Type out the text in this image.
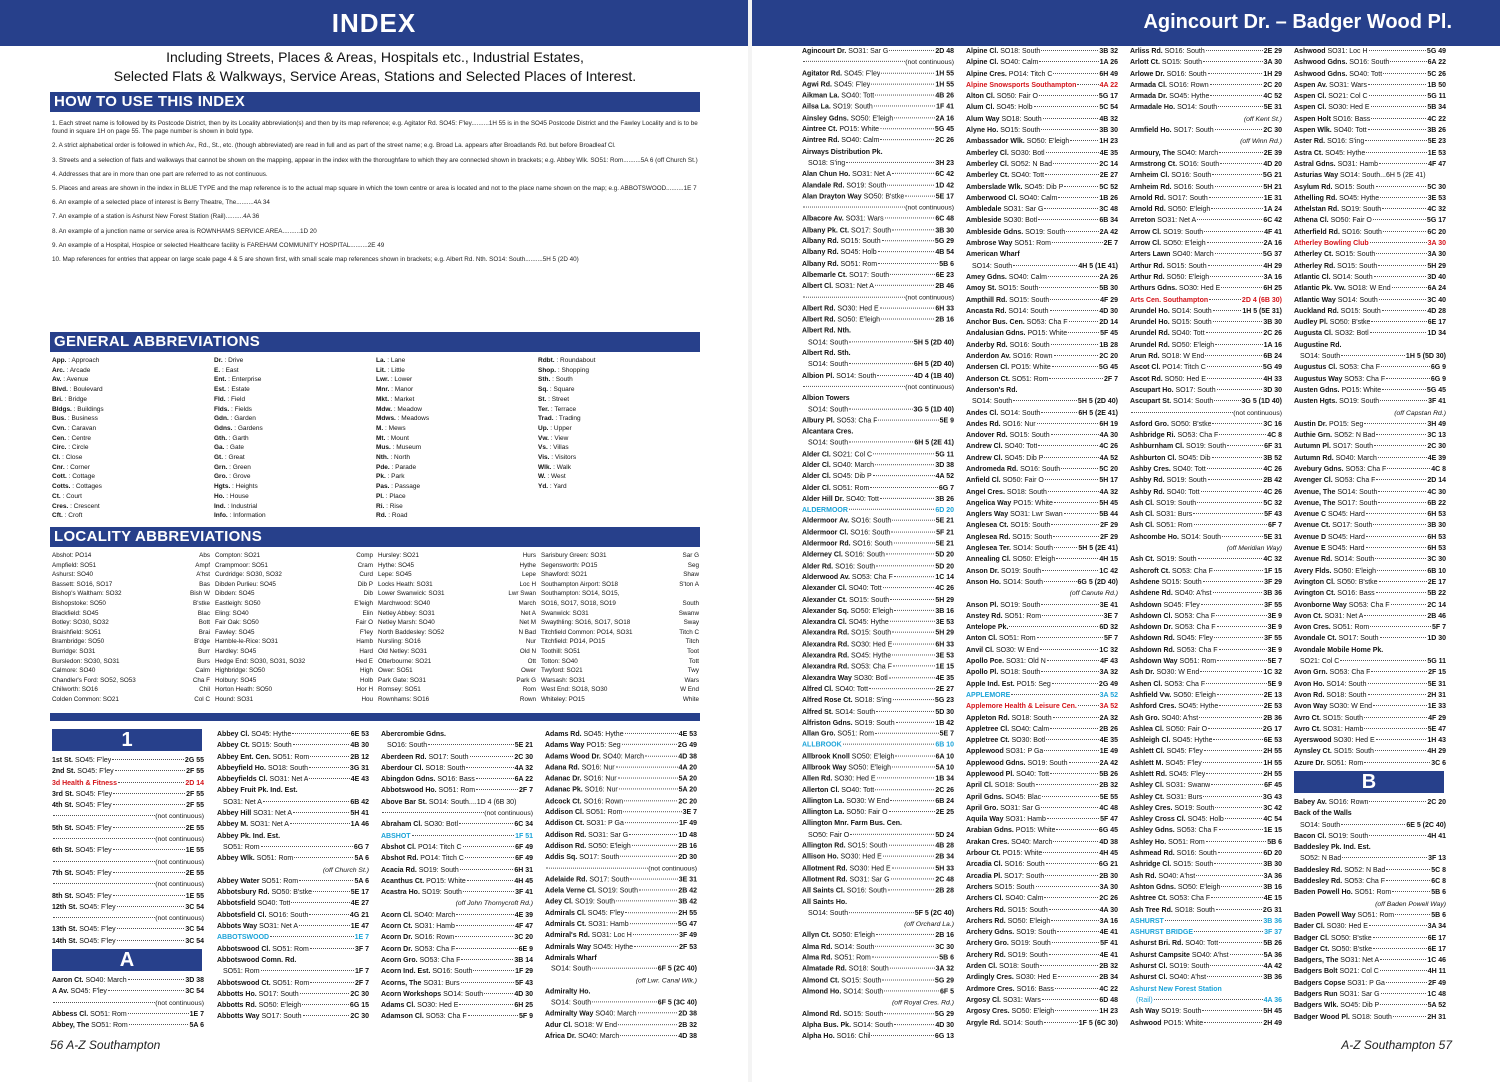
INDEX
Including Streets, Places & Areas, Hospitals etc., Industrial Estates,
Selected Flats & Walkways, Service Areas, Stations and Selected Places of Interest.
HOW TO USE THIS INDEX

1. Each street name is followed by its Postcode District, then by its Locality abbreviation(s) and then by its map reference; e.g. Agitator Rd. SO45: F'ley..........1H 55 is in the SO45 Postcode District and the Fawley Locality and is to be found in square 1H on page 55. The page number is shown in bold type.

2. A strict alphabetical order is followed in which Av., Rd., St., etc. (though abbreviated) are read in full and as part of the street name; e.g. Broad La. appears after Broadlands Rd. but before Broadleaf Cl.

3. Streets and a selection of flats and walkways that cannot be shown on the mapping, appear in the index with the thoroughfare to which they are connected shown in brackets; e.g. Abbey Wlk. SO51: Rom..........5A 6 (off Church St.)

4. Addresses that are in more than one part are referred to as not continuous.

5. Places and areas are shown in the index in BLUE TYPE and the map reference is to the actual map square in which the town centre or area is located and not to the place name shown on the map; e.g. ABBOTSWOOD..........1E 7

6. An example of a selected place of interest is Berry Theatre, The..........4A 34

7. An example of a station is Ashurst New Forest Station (Rail)..........4A 36

8. An example of a junction name or service area is ROWNHAMS SERVICE AREA..........1D 20

9. An example of a Hospital, Hospice or selected Healthcare facility is FAREHAM COMMUNITY HOSPITAL..........2E 49

10. Map references for entries that appear on large scale page 4 & 5 are shown first, with small scale map references shown in brackets; e.g. Albert Rd. Nth. SO14: South..........5H 5 (2D 40)

GENERAL ABBREVIATIONS
App. : Approach
Arc. : Arcade
Av. : Avenue
Blvd. : Boulevard
Bri. : Bridge
Bldgs. : Buildings
Bus. : Business
Cvn. : Caravan
Cen. : Centre
Circ. : Circle
Cl. : Close
Cnr. : Corner
Cott. : Cottage
Cotts. : Cottages
Ct. : Court
Cres. : Crescent
Cft. : Croft
Dr. : Drive
E. : East
Ent. : Enterprise
Est. : Estate
Fld. : Field
Flds. : Fields
Gdn. : Garden
Gdns. : Gardens
Gth. : Garth
Ga. : Gate
Gt. : Great
Grn. : Green
Gro. : Grove
Hgts. : Heights
Ho. : House
Ind. : Industrial
Info. : Information
La. : Lane
Lit. : Little
Lwr. : Lower
Mnr. : Manor
Mkt. : Market
Mdw. : Meadow
Mdws. : Meadows
M. : Mews
Mt. : Mount
Mus. : Museum
Nth. : North
Pde. : Parade
Pk. : Park
Pas. : Passage
Pl. : Place
Ri. : Rise
Rd. : Road
Rdbt. : Roundabout
Shop. : Shopping
Sth. : South
Sq. : Square
St. : Street
Ter. : Terrace
Trad. : Trading
Up. : Upper
Vw. : View
Vs. : Villas
Vis. : Visitors
Wlk. : Walk
W. : West
Yd. : Yard
LOCALITY ABBREVIATIONS
Abshot: PO14	Abs
Ampfield: SO51	Ampf
Ashurst: SO40	A'hst
Bassett: SO16, SO17	Bas
Bishop's Waltham: SO32	Bish W
Bishopstoke: SO50	B'stke
Blackfield: SO45	Blac
Botley: SO30, SO32	Bott
Braishfield: SO51	Brai
Brambridge: SO50	B'dge
Burridge: SO31	Burr
Bursledon: SO30, SO31	Burs
Calmore: SO40	Calm
Chandler's Ford: SO52, SO53	Cha F
Chilworth: SO16	Chil
Colden Common: SO21	Col C
Compton: SO21	Comp
Crampmoor: SO51	Cram
Curdridge: SO30, SO32	Curd
Dibden Purlieu: SO45	Dib P
Dibden: SO45	Dib
Eastleigh: SO50	E'leigh
Eling: SO40	Elin
Fair Oak: SO50	Fair O
Fawley: SO45	F'ley
Hamble-le-Rice: SO31	Hamb
Hardley: SO45	Hard
Hedge End: SO30, SO31, SO32	Hed E
Highbridge: SO50	High
Holbury: SO45	Holb
Horton Heath: SO50	Hor H
Hound: SO31	Hou
Hursley: SO21	Hurs
Hythe: SO45	Hythe
Lepe: SO45	Lepe
Locks Heath: SO31	Loc H
Lower Swanwick: SO31	Lwr Swan
Marchwood: SO40	March
Netley Abbey: SO31	Net A
Netley Marsh: SO40	Net M
North Baddesley: SO52	N Bad
Nursling: SO16	Nur
Old Netley: SO31	Old N
Otterbourne: SO21	Ott
Ower: SO51	Ower
Park Gate: SO31	Park G
Romsey: SO51	Rom
Rownhams: SO16	Rown
Sarisbury Green: SO31	Sar G
Segensworth: PO15	Seg
Shawford: SO21	Shaw
Southampton Airport: SO18	S'ton A
Southampton: SO14, SO15,
SO16, SO17, SO18, SO19	South
Swanwick: SO31	Swanw
Swaythling: SO16, SO17, SO18	Sway
Titchfield Common: PO14, SO31	Titch C
Titchfield: PO14, PO15	Titch
Toothill: SO51	Toot
Totton: SO40	Tott
Twyford: SO21	Twy
Warsash: SO31	Wars
West End: SO18, SO30	W End
Whiteley: PO15	White
1
1st St. SO45: F'ley	2G 55
2nd St. SO45: F'ley	2F 55
3d Health & Fitness	2D 14
3rd St. SO45: F'ley	2F 55
4th St. SO45: F'ley	2F 55
(not continuous)
5th St. SO45: F'ley	2E 55
(not continuous)
6th St. SO45: F'ley	1E 55
(not continuous)
7th St. SO45: F'ley	2E 55
(not continuous)
8th St. SO45: F'ley	1E 55
12th St. SO45: F'ley	3C 54
(not continuous)
13th St. SO45: F'ley	3C 54
14th St. SO45: F'ley	3C 54
A
Aaron Ct. SO40: March	3D 38
A Av. SO45: F'ley	3C 54
(not continuous)
Abbess Cl. SO51: Rom	1E 7
Abbey, The SO51: Rom	5A 6
Abbey Cl. SO45: Hythe	6E 53
Abbey Ct. SO15: South	4B 30
Abbey Ent. Cen. SO51: Rom	2B 12
Abbeyfield Ho. SO18: South	3G 31
Abbeyfields Cl. SO31: Net A	4E 43
Abbey Fruit Pk. Ind. Est.
SO31: Net A	6B 42
Abbey Hill SO31: Net A	5H 41
Abbey M. SO31: Net A	1A 46
Abbey Pk. Ind. Est.
SO51: Rom	6G 7
Abbey Wlk. SO51: Rom	5A 6
(off Church St.)
Abbey Water SO51: Rom	5A 6
Abbotsbury Rd. SO50: B'stke	5E 17
Abbotsfield SO40: Tott	4E 27
Abbotsfield Cl. SO16: South	4G 21
Abbots Way SO31: Net A	1E 47
ABBOTSWOOD	1E 7
Abbotswood Cl. SO51: Rom	3F 7
Abbotswood Comn. Rd.
SO51: Rom	1F 7
Abbotswood Ct. SO51: Rom	2F 7
Abbotts Ho. SO17: South	2C 30
Abbotts Rd. SO50: E'leigh	6G 15
Abbotts Way SO17: South	2C 30
Abercrombie Gdns.
SO16: South	5E 21
Aberdeen Rd. SO17: South	2C 30
Aberdour Cl. SO18: South	4A 32
Abingdon Gdns. SO16: Bass	6A 22
Abbotswood Ho. SO51: Rom	2F 7
Above Bar St. SO14: South....1D 4 (6B 30)
(not continuous)
Abraham Cl. SO30: Botl	6C 34
ABSHOT	1F 51
Abshot Cl. PO14: Titch C	6F 49
Abshot Rd. PO14: Titch C	6F 49
Acacia Rd. SO19: South	6H 31
Acanthus Ct. PO15: White	4H 45
Acastra Ho. SO19: South	3F 41
(off John Thornycroft Rd.)
Acorn Cl. SO40: March	4E 39
Acorn Ct. SO31: Hamb	4F 47
Acorn Dr. SO16: Rown	3C 20
Acorn Dr. SO53: Cha F	6E 9
Acorn Gro. SO53: Cha F	3B 14
Acorn Ind. Est. SO16: South	1F 29
Acorns, The SO31: Burs	5F 43
Acorn Workshops SO14: South	4D 30
Adams Cl. SO30: Hed E	6H 25
Adamson Cl. SO53: Cha F	5F 9
Adams Rd. SO45: Hythe	4E 53
Adams Way PO15: Seg	2G 49
Adams Wood Dr. SO40: March	4D 38
Adana Rd. SO16: Nur	4A 20
Adanac Dr. SO16: Nur	5A 20
Adanac Pk. SO16: Nur	5A 20
Adcock Ct. SO16: Rown	2C 20
Addison Cl. SO51: Rom	3E 7
Addison Ct. SO31: P Ga	1F 49
Addison Rd. SO31: Sar G	1D 48
Addison Rd. SO50: E'leigh	2B 16
Addis Sq. SO17: South	2D 30
(not continuous)
Adelaide Rd. SO17: South	3E 31
Adela Verne Cl. SO19: South	2B 42
Adey Cl. SO19: South	3B 42
Admirals Cl. SO45: F'ley	2H 55
Admirals Ct. SO31: Hamb	5G 47
Admiral's Rd. SO31: Loc H	3F 49
Admirals Way SO45: Hythe	2F 53
Admirals Wharf
SO14: South	6F 5 (2C 40)
(off Lwr. Canal Wlk.)
Admiralty Ho.
SO14: South	6F 5 (3C 40)
Admiralty Way SO40: March	2D 38
Adur Cl. SO18: W End	2B 32
Africa Dr. SO40: March	4D 38
56 A-Z Southampton
Agincourt Dr. – Badger Wood Pl.
Agincourt Dr. SO31: Sar G	2D 48
(not continuous)
Agitator Rd. SO45: F'ley	1H 55
Agwi Rd. SO45: F'ley	1H 55
Aikman La. SO40: Tott	4B 26
Ailsa La. SO19: South	1F 41
Ainsley Gdns. SO50: E'leigh	2A 16
Aintree Ct. PO15: White	5G 45
Aintree Rd. SO40: Calm	2C 26
Airways Distribution Pk.
SO18: S'ing	3H 23
Alan Chun Ho. SO31: Net A	6C 42
Alandale Rd. SO19: South	1D 42
Alan Drayton Way SO50: B'stke	5E 17
(not continuous)
Albacore Av. SO31: Wars	6C 48
Albany Pk. Ct. SO17: South	3B 30
Albany Rd. SO15: South	5G 29
Albany Rd. SO45: Holb	4B 54
Albany Rd. SO51: Rom	5B 6
Albemarle Ct. SO17: South	6E 23
Albert Cl. SO31: Net A	2B 46
(not continuous)
Albert Rd. SO30: Hed E	6H 33
Albert Rd. SO50: E'leigh	2B 16
Albert Rd. Nth.
SO14: South	5H 5 (2D 40)
Albert Rd. Sth.
SO14: South	6H 5 (2D 40)
Albion Pl. SO14: South	4D 4 (1B 40)
(not continuous)
Albion Towers
SO14: South	3G 5 (1D 40)
Albury Pl. SO53: Cha F	5E 9
Alcantara Cres.
SO14: South	6H 5 (2E 41)
Alder Cl. SO21: Col C	5G 11
Alder Cl. SO40: March	3D 38
Alder Cl. SO45: Dib P	4A 52
Alder Cl. SO51: Rom	6G 7
Alder Hill Dr. SO40: Tott	3B 26
ALDERMOOR	6D 20
Aldermoor Av. SO16: South	5E 21
Aldermoor Cl. SO16: South	5F 21
Aldermoor Rd. SO16: South	5E 21
Alderney Cl. SO16: South	5D 20
Alder Rd. SO16: South	5D 20
Alderwood Av. SO53: Cha F	1C 14
Alexander Cl. SO40: Tott	4C 26
Alexander Ct. SO15: South	5H 29
Alexander Sq. SO50: E'leigh	3B 16
Alexandra Cl. SO45: Hythe	3E 53
Alexandra Rd. SO15: South	5H 29
Alexandra Rd. SO30: Hed E	6H 33
Alexandra Rd. SO45: Hythe	3E 53
Alexandra Rd. SO53: Cha F	1E 15
Alexandra Way SO30: Botl	4E 35
Alfred Cl. SO40: Tott	2E 27
Alfred Rose Ct. SO18: S'ing	5G 23
Alfred St. SO14: South	5D 30
Alfriston Gdns. SO19: South	1B 42
Allan Gro. SO51: Rom	5E 7
ALLBROOK	6B 10
Allbrook Knoll SO50: E'leigh	6A 10
Allbrook Way SO50: E'leigh	5A 10
Allen Rd. SO30: Hed E	1B 34
Allerton Cl. SO40: Tott	2C 26
Allington La. SO30: W End	6B 24
Allington La. SO50: Fair O	2E 25
Allington Mnr. Farm Bus. Cen.
SO50: Fair O	5D 24
Allington Rd. SO15: South	4B 28
Allison Ho. SO30: Hed E	2B 34
Allotment Rd. SO30: Hed E	5H 33
Allotment Rd. SO31: Sar G	2C 48
All Saints Cl. SO16: South	2B 28
All Saints Ho.
SO14: South	5F 5 (2C 40)
(off Orchard La.)
Allyn Ct. SO50: E'leigh	2B 16
Alma Rd. SO14: South	3C 30
Alma Rd. SO51: Rom	5B 6
Almatade Rd. SO18: South	3A 32
Almond Ct. SO15: South	5G 29
Almond Ho. SO14: South	6F 5
(off Royal Cres. Rd.)
Almond Rd. SO15: South	5G 29
Alpha Bus. Pk. SO14: South	4D 30
Alpha Ho. SO16: Chil	6G 13
Alpine Cl. SO18: South	3B 32
Alpine Cl. SO40: Calm	1A 26
Alpine Cres. PO14: Titch C	6H 49
Alpine Snowsports Southampton	4A 22
Alton Cl. SO50: Fair O	5G 17
Alum Cl. SO45: Holb	5C 54
Alum Way SO18: South	4B 32
Alyne Ho. SO15: South	3B 30
Ambassador Wlk. SO50: E'leigh	1H 23
Amberley Cl. SO30: Botl	4E 35
Amberley Cl. SO52: N Bad	2C 14
Amberley Ct. SO40: Tott	2E 27
Amberslade Wlk. SO45: Dib P	5C 52
Amberwood Cl. SO40: Calm	1B 26
Ambledale SO31: Sar G	3C 48
Ambleside SO30: Botl	6B 34
Ambleside Gdns. SO19: South	2A 42
Ambrose Way SO51: Rom	2E 7
American Wharf
SO14: South	4H 5 (1E 41)
Amey Gdns. SO40: Calm	2A 26
Amoy St. SO15: South	5B 30
Ampthill Rd. SO15: South	4F 29
Ancasta Rd. SO14: South	4D 30
Anchor Bus. Cen. SO53: Cha F	2D 14
Andalusian Gdns. PO15: White	5F 45
Anderby Rd. SO16: South	1B 28
Anderdon Av. SO16: Rown	2C 20
Andersen Cl. PO15: White	5G 45
Anderson Ct. SO51: Rom	2F 7
Anderson's Rd.
SO14: South	5H 5 (2D 40)
Andes Cl. SO14: South	6H 5 (2E 41)
Andes Rd. SO16: Nur	6H 19
Andover Rd. SO15: South	4A 30
Andrew Cl. SO40: Tott	4C 26
Andrew Cl. SO45: Dib P	4A 52
Andromeda Rd. SO16: South	5C 20
Anfield Cl. SO50: Fair O	5H 17
Angel Cres. SO18: South	4A 32
Angelica Way PO15: White	5H 45
Anglers Way SO31: Lwr Swan	5B 44
Anglesea Ct. SO15: South	2F 29
Anglesea Rd. SO15: South	2F 29
Anglesea Ter. SO14: South	5H 5 (2E 41)
Annealing Cl. SO50: E'leigh	4H 15
Anson Dr. SO19: South	1C 42
Anson Ho. SO14: South	6G 5 (2D 40)
(off Canute Rd.)
Anson Pl. SO19: South	3E 41
Anstey Rd. SO51: Rom	3E 7
Antelope Pk.	6D 32
Anton Cl. SO51: Rom	5F 7
Anvil Cl. SO30: W End	1C 32
Apollo Pce. SO31: Old N	4F 43
Apollo Pl. SO18: South	3A 32
Apple Ind. Est. PO15: Seg	2G 49
APPLEMORE	3A 52
Applemore Health & Leisure Cen.	3A 52
Appleton Rd. SO18: South	2A 32
Appletree Cl. SO40: Calm	2B 26
Appletree Ct. SO30: Botl	4E 35
Applewood SO31: P Ga	1E 49
Applewood Gdns. SO19: South	2A 42
Applewood Pl. SO40: Tott	5B 26
April Cl. SO18: South	2B 32
April Gdns. SO45: Blac	5E 55
April Gro. SO31: Sar G	4C 48
Aquila Way SO31: Hamb	5F 47
Arabian Gdns. PO15: White	6G 45
Arakan Cres. SO40: March	4D 38
Arbour Ct. PO15: White	4H 45
Arcadia Cl. SO16: South	6G 21
Arcadia Pl. SO17: South	2B 30
Archers SO15: South	3A 30
Archers Cl. SO40: Calm	2C 26
Archers Rd. SO15: South	4A 30
Archers Rd. SO50: E'leigh	3A 16
Archery Gdns. SO19: South	4E 41
Archery Gro. SO19: South	5F 41
Archery Rd. SO19: South	4E 41
Arden Cl. SO18: South	2B 32
Ardingly Cres. SO30: Hed E	2B 34
Ardmore Cres. SO16: Bass	4C 22
Argosy Cl. SO31: Wars	6D 48
Argosy Cres. SO50: E'leigh	1H 23
Argyle Rd. SO14: South	1F 5 (6C 30)
Arliss Rd. SO16: South	2E 29
Arlott Ct. SO15: South	3A 30
Arlowe Dr. SO16: South	1H 29
Armada Cl. SO16: Rown	2C 20
Armada Dr. SO45: Hythe	4C 52
Armadale Ho. SO14: South	5E 31
(off Kent St.)
Armfield Ho. SO17: South	2C 30
(off Winn Rd.)
Armoury, The SO40: March	2E 39
Armstrong Ct. SO16: South	4D 20
Arnheim Cl. SO16: South	5G 21
Arnheim Rd. SO16: South	5H 21
Arnold Rd. SO17: South	1E 31
Arnold Rd. SO50: E'leigh	1A 24
Arreton SO31: Net A	6C 42
Arrow Cl. SO19: South	4F 41
Arrow Cl. SO50: E'leigh	2A 16
Arters Lawn SO40: March	5G 37
Arthur Rd. SO15: South	4H 29
Arthur Rd. SO50: E'leigh	3A 16
Arthurs Gdns. SO30: Hed E	6H 25
Arts Cen. Southampton	2D 4 (6B 30)
Arundel Ho. SO14: South	1H 5 (5E 31)
Arundel Ho. SO15: South	3B 30
Arundel Rd. SO40: Tott	2C 26
Arundel Rd. SO50: E'leigh	1A 16
Arun Rd. SO18: W End	6B 24
Ascot Cl. PO14: Titch C	5G 49
Ascot Rd. SO50: Hed E	4H 33
Ascupart Ho. SO17: South	3D 30
Ascupart St. SO14: South	3G 5 (1D 40)
(not continuous)
Asford Gro. SO50: B'stke	3C 16
Ashbridge Ri. SO53: Cha F	4C 8
Ashburnham Cl. SO19: South	6F 31
Ashburton Cl. SO45: Dib	3B 52
Ashby Cres. SO40: Tott	4C 26
Ashby Rd. SO19: South	2B 42
Ashby Rd. SO40: Tott	4C 26
Ash Cl. SO19: South	5C 32
Ash Cl. SO31: Burs	5F 43
Ash Cl. SO51: Rom	6F 7
Ashcombe Ho. SO14: South	5E 31
(off Meridian Way)
Ash Ct. SO19: South	4C 32
Ashcroft Ct. SO53: Cha F	1F 15
Ashdene SO15: South	3F 29
Ashdene Rd. SO40: A'hst	3B 36
Ashdown SO45: F'ley	3F 55
Ashdown Cl. SO53: Cha F	3E 9
Ashdown Dr. SO53: Cha F	3E 9
Ashdown Rd. SO45: F'ley	3F 55
Ashdown Rd. SO53: Cha F	3E 9
Ashdown Way SO51: Rom	5E 7
Ash Dr. SO30: W End	1C 32
Ashen Cl. SO53: Cha F	5E 9
Ashfield Vw. SO50: E'leigh	2E 13
Ashford Cres. SO45: Hythe	2E 53
Ash Gro. SO40: A'hst	2B 36
Ashlea Cl. SO50: Fair O	2G 17
Ashleigh Cl. SO45: Hythe	6E 53
Ashlett Cl. SO45: F'ley	2H 55
Ashlett M. SO45: F'ley	1H 55
Ashlett Rd. SO45: F'ley	2H 55
Ashley Cl. SO31: Swanw	6F 45
Ashley Ct. SO31: Burs	3G 43
Ashley Cres. SO19: South	3C 42
Ashley Cross Cl. SO45: Holb	4C 54
Ashley Gdns. SO53: Cha F	1E 15
Ashley Ho. SO51: Rom	5B 6
Ashmead Rd. SO16: South	6D 20
Ashridge Cl. SO15: South	3B 30
Ash Rd. SO40: A'hst	3A 36
Ashton Gdns. SO50: E'leigh	3B 16
Ashtree Ct. SO53: Cha F	4E 15
Ash Tree Rd. SO18: South	2G 31
ASHURST	3B 36
ASHURST BRIDGE	3F 37
Ashurst Bri. Rd. SO40: Tott	5B 26
Ashurst Campsite SO40: A'hst	5A 36
Ashurst Cl. SO19: South	4A 42
Ashurst Cl. SO40: A'hst	3B 36
Ashurst New Forest Station
(Rail)	4A 36
Ash Way SO19: South	5H 45
Ashwood PO15: White	2H 49
Ashwood SO31: Loc H	5G 49
Ashwood Gdns. SO16: South	6A 22
Ashwood Gdns. SO40: Tott	5C 26
Aspen Av. SO31: Wars	1B 50
Aspen Cl. SO21: Col C	5G 11
Aspen Cl. SO30: Hed E	5B 34
Aspen Holt SO16: Bass	4C 22
Aspen Wlk. SO40: Tott	3B 26
Aster Rd. SO16: S'ing	5E 23
Astra Ct. SO45: Hythe	1E 53
Astral Gdns. SO31: Hamb	4F 47
Asturias Way SO14: South...6H 5 (2E 41)
Asylum Rd. SO15: South	5C 30
Athelling Rd. SO45: Hythe	3E 53
Athelstan Rd. SO19: South	4C 32
Athena Cl. SO50: Fair O	5G 17
Atherfield Rd. SO16: South	6C 20
Atherley Bowling Club	3A 30
Atherley Ct. SO15: South	3A 30
Atherley Rd. SO15: South	5H 29
Atlantic Cl. SO14: South	3D 40
Atlantic Pk. Vw. SO18: W End	6A 24
Atlantic Way SO14: South	3C 40
Auckland Rd. SO15: South	4D 28
Audley Pl. SO50: B'stke	6E 17
Augusta Cl. SO32: Botl	1D 34
Augustine Rd.
SO14: South	1H 5 (5D 30)
Augustus Cl. SO53: Cha F	6G 9
Augustus Way SO53: Cha F	6G 9
Austen Gdns. PO15: White	5G 45
Austen Hgts. SO19: South	3F 41
(off Capstan Rd.)
Austin Dr. PO15: Seg	3H 49
Authie Grn. SO52: N Bad	3C 13
Autumn Pl. SO17: South	2C 30
Autumn Rd. SO40: March	4E 39
Avebury Gdns. SO53: Cha F	4C 8
Avenger Cl. SO53: Cha F	2D 14
Avenue, The SO14: South	4C 30
Avenue, The SO17: South	6B 22
Avenue C SO45: Hard	6H 53
Avenue Ct. SO17: South	3B 30
Avenue D SO45: Hard	6H 53
Avenue E SO45: Hard	6H 53
Avenue Rd. SO14: South	3C 30
Avery Flds. SO50: E'leigh	6B 10
Avington Cl. SO50: B'stke	2E 17
Avington Ct. SO16: Bass	5B 22
Avonborne Way SO53: Cha F	2C 14
Avon Ct. SO31: Net A	2B 46
Avon Cres. SO51: Rom	5F 7
Avondale Ct. SO17: South	1D 30
Avondale Mobile Home Pk.
SO21: Col C	5G 11
Avon Grn. SO53: Cha F	2F 15
Avon Ho. SO14: South	5E 31
Avon Rd. SO18: South	2H 31
Avon Way SO30: W End	1E 33
Avro Ct. SO15: South	4F 29
Avro Ct. SO31: Hamb	5E 47
Ayerswood SO30: Hed E	1H 43
Aynsley Ct. SO15: South	4H 29
Azure Dr. SO51: Rom	3C 6
B
Babey Av. SO16: Rown	2C 20
Back of the Walls
SO14: South	6E 5 (2C 40)
Bacon Cl. SO19: South	4H 41
Baddesley Pk. Ind. Est.
SO52: N Bad	3F 13
Baddesley Rd. SO52: N Bad	5C 8
Baddesley Rd. SO53: Cha F	6C 8
Baden Powell Ho. SO51: Rom	5B 6
(off Baden Powell Way)
Baden Powell Way SO51: Rom	5B 6
Bader Cl. SO30: Hed E	3A 34
Badger Cl. SO50: B'stke	6E 17
Badger Ct. SO50: B'stke	6E 17
Badgers, The SO31: Net A	1C 46
Badgers Bolt SO21: Col C	4H 11
Badgers Copse SO31: P Ga	2F 49
Badgers Run SO31: Sar G	1C 48
Badgers Wlk. SO45: Dib P	5A 52
Badger Wood Pl. SO18: South	2H 31
A-Z Southampton 57
